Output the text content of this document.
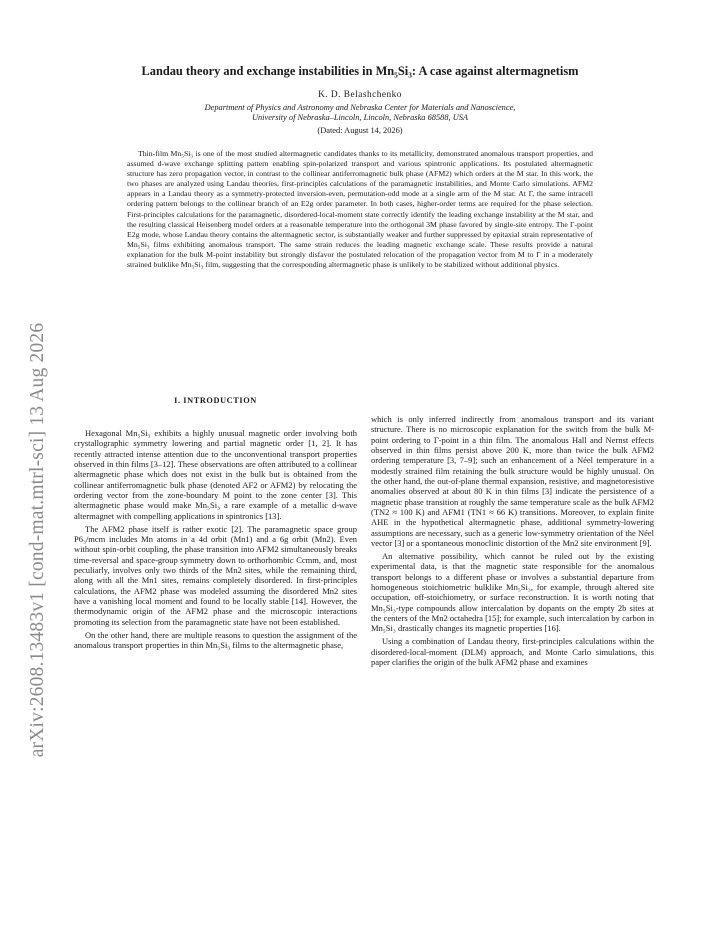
arXiv:2608.13483v1 [cond-mat.mtrl-sci] 13 Aug 2026
Landau theory and exchange instabilities in Mn₅Si₃: A case against altermagnetism
K. D. Belashchenko
Department of Physics and Astronomy and Nebraska Center for Materials and Nanoscience,
University of Nebraska–Lincoln, Lincoln, Nebraska 68588, USA
(Dated: August 14, 2026)

Thin-film Mn₅Si₃ is one of the most studied altermagnetic candidates thanks to its metallicity, demonstrated anomalous transport properties, and assumed d-wave exchange splitting pattern enabling spin-polarized transport and various spintronic applications. Its postulated altermagnetic structure has zero propagation vector, in contrast to the collinear antiferromagnetic bulk phase (AFM2) which orders at the M star. In this work, the two phases are analyzed using Landau theories, first-principles calculations of the paramagnetic instabilities, and Monte Carlo simulations. AFM2 appears in a Landau theory as a symmetry-protected inversion-even, permutation-odd mode at a single arm of the M star. At Γ, the same intracell ordering pattern belongs to the collinear branch of an E2g order parameter. In both cases, higher-order terms are required for the phase selection. First-principles calculations for the paramagnetic, disordered-local-moment state correctly identify the leading exchange instability at the M star, and the resulting classical Heisenberg model orders at a reasonable temperature into the orthogonal 3M phase favored by single-site entropy. The Γ-point E2g mode, whose Landau theory contains the altermagnetic sector, is substantially weaker and further suppressed by epitaxial strain representative of Mn₅Si₃ films exhibiting anomalous transport. The same strain reduces the leading magnetic exchange scale. These results provide a natural explanation for the bulk M-point instability but strongly disfavor the postulated relocation of the propagation vector from M to Γ in a moderately strained bulklike Mn₅Si₃ film, suggesting that the corresponding altermagnetic phase is unlikely to be stabilized without additional physics.

I. INTRODUCTION

Hexagonal Mn₅Si₃ exhibits a highly unusual magnetic order involving both crystallographic symmetry lowering and partial magnetic order [1, 2]. It has recently attracted intense attention due to the unconventional transport properties observed in thin films [3–12]. These observations are often attributed to a collinear altermagnetic phase which does not exist in the bulk but is obtained from the collinear antiferromagnetic bulk phase (denoted AF2 or AFM2) by relocating the ordering vector from the zone-boundary M point to the zone center [3]. This altermagnetic phase would make Mn₅Si₃ a rare example of a metallic d-wave altermagnet with compelling applications in spintronics [13].

The AFM2 phase itself is rather exotic [2]. The paramagnetic space group P6₃/mcm includes Mn atoms in a 4d orbit (Mn1) and a 6g orbit (Mn2). Even without spin-orbit coupling, the phase transition into AFM2 simultaneously breaks time-reversal and space-group symmetry down to orthorhombic Ccmm, and, most peculiarly, involves only two thirds of the Mn2 sites, while the remaining third, along with all the Mn1 sites, remains completely disordered. In first-principles calculations, the AFM2 phase was modeled assuming the disordered Mn2 sites have a vanishing local moment and found to be locally stable [14]. However, the thermodynamic origin of the AFM2 phase and the microscopic interactions promoting its selection from the paramagnetic state have not been established.

On the other hand, there are multiple reasons to question the assignment of the anomalous transport properties in thin Mn₅Si₃ films to the altermagnetic phase,

which is only inferred indirectly from anomalous transport and its variant structure. There is no microscopic explanation for the switch from the bulk M-point ordering to Γ-point in a thin film. The anomalous Hall and Nernst effects observed in thin films persist above 200 K, more than twice the bulk AFM2 ordering temperature [3, 7–9]; such an enhancement of a Néel temperature in a modestly strained film retaining the bulk structure would be highly unusual. On the other hand, the out-of-plane thermal expansion, resistive, and magnetoresistive anomalies observed at about 80 K in thin films [3] indicate the persistence of a magnetic phase transition at roughly the same temperature scale as the bulk AFM2 (TN2 ≈ 100 K) and AFM1 (TN1 ≈ 66 K) transitions. Moreover, to explain finite AHE in the hypothetical altermagnetic phase, additional symmetry-lowering assumptions are necessary, such as a generic low-symmetry orientation of the Néel vector [3] or a spontaneous monoclinic distortion of the Mn2 site environment [9].

An alternative possibility, which cannot be ruled out by the existing experimental data, is that the magnetic state responsible for the anomalous transport belongs to a different phase or involves a substantial departure from homogeneous stoichiometric bulklike Mn₅Si₃, for example, through altered site occupation, off-stoichiometry, or surface reconstruction. It is worth noting that Mn₅Si₃-type compounds allow intercalation by dopants on the empty 2b sites at the centers of the Mn2 octahedra [15]; for example, such intercalation by carbon in Mn₅Si₃ drastically changes its magnetic properties [16].

Using a combination of Landau theory, first-principles calculations within the disordered-local-moment (DLM) approach, and Monte Carlo simulations, this paper clarifies the origin of the bulk AFM2 phase and examines
